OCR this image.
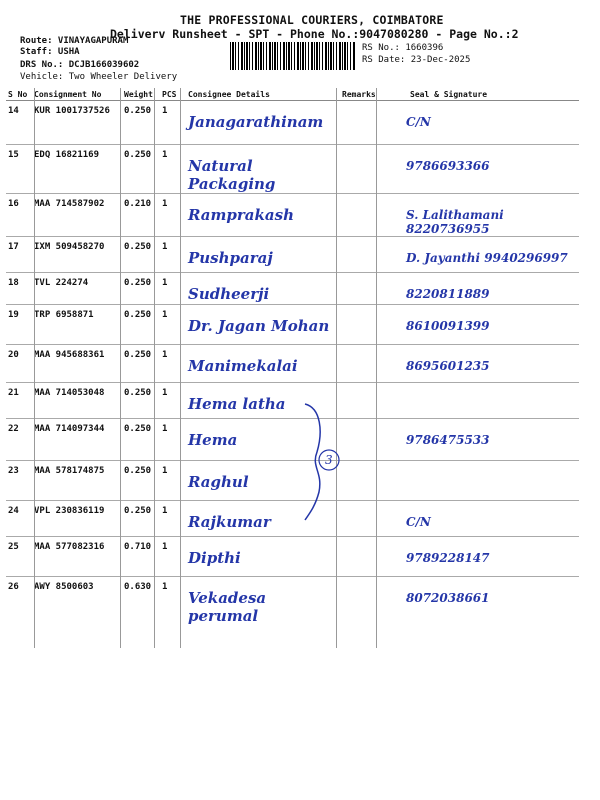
THE PROFESSIONAL COURIERS, COIMBATORE
Deliverv Runsheet - SPT - Phone No.:9047080280 - Page No.:2
Route: VINAYAGAPURAM
Staff: USHA
DRS No.: DCJB166039602
Vehicle: Two Wheeler Delivery
RS No.: 1660396
RS Date: 23-Dec-2025
S No	Consignment No	Weight	PCS	Consignee Details	Remarks	Seal & Signature
14	KUR 1001737526	0.250	1	Janagarathinam		C/N
15	EDQ 16821169	0.250	1	Natural Packaging		9786693366
16	MAA 714587902	0.210	1	Ramprakash		S. Lalithamani 8220736955
17	IXM 509458270	0.250	1	Pushparaj		D. Jayanthi 9940296997
18	TVL 224274	0.250	1	Sudheerji		8220811889
19	TRP 6958871	0.250	1	Dr. Jagan Mohan		8610091399
20	MAA 945688361	0.250	1	Manimekalai		8695601235
21	MAA 714053048	0.250	1	Hema latha		
22	MAA 714097344	0.250	1	Hema		9786475533
23	MAA 578174875	0.250	1	Raghul		
24	VPL 230836119	0.250	1	Rajkumar		C/N
25	MAA 577082316	0.710	1	Dipthi		9789228147
26	AWY 8500603	0.630	1	Vekadesa perumal		8072038661
3
